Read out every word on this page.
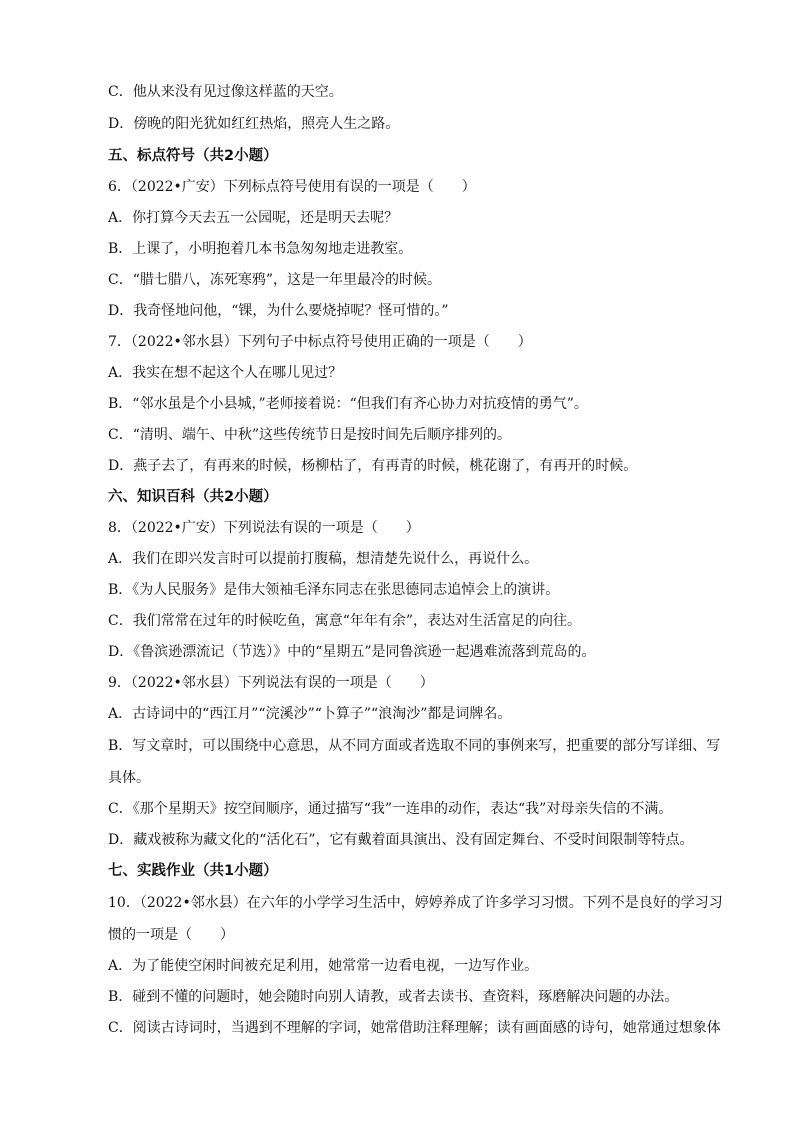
C．他从来没有见过像这样蓝的天空。
D．傍晚的阳光犹如红红热焰，照亮人生之路。
五、标点符号（共2小题）
6．（2022•广安）下列标点符号使用有误的一项是（　　）
A．你打算今天去五一公园呢，还是明天去呢？
B．上课了，小明抱着几本书急匆匆地走进教室。
C．“腊七腊八，冻死寒鸦”，这是一年里最冷的时候。
D．我奇怪地问他，“锞，为什么要烧掉呢？怪可惜的。”
7．（2022•邻水县）下列句子中标点符号使用正确的一项是（　　）
A．我实在想不起这个人在哪儿见过？
B．“邻水虽是个小县城，”老师接着说：“但我们有齐心协力对抗疫情的勇气”。
C．“清明、端午、中秋”这些传统节日是按时间先后顺序排列的。
D．燕子去了，有再来的时候，杨柳枯了，有再青的时候，桃花谢了，有再开的时候。
六、知识百科（共2小题）
8．（2022•广安）下列说法有误的一项是（　　）
A．我们在即兴发言时可以提前打腹稿，想清楚先说什么，再说什么。
B．《为人民服务》是伟大领袖毛泽东同志在张思德同志追悼会上的演讲。
C．我们常常在过年的时候吃鱼，寓意“年年有余”，表达对生活富足的向往。
D．《鲁滨逊漂流记（节选）》中的“星期五”是同鲁滨逊一起遇难流落到荒岛的。
9．（2022•邻水县）下列说法有误的一项是（　　）
A．古诗词中的“西江月”“浣溪沙”“卜算子”“浪淘沙”都是词牌名。
B．写文章时，可以围绕中心意思，从不同方面或者选取不同的事例来写，把重要的部分写详细、写
具体。
C．《那个星期天》按空间顺序，通过描写“我”一连串的动作，表达“我”对母亲失信的不满。
D．藏戏被称为藏文化的“活化石”，它有戴着面具演出、没有固定舞台、不受时间限制等特点。
七、实践作业（共1小题）
10．（2022•邻水县）在六年的小学学习生活中，婷婷养成了许多学习习惯。下列不是良好的学习习
惯的一项是（　　）
A．为了能使空闲时间被充足利用，她常常一边看电视，一边写作业。
B．碰到不懂的问题时，她会随时向别人请教，或者去读书、查资料，琢磨解决问题的办法。
C．阅读古诗词时，当遇到不理解的字词，她常借助注释理解；读有画面感的诗句，她常通过想象体
